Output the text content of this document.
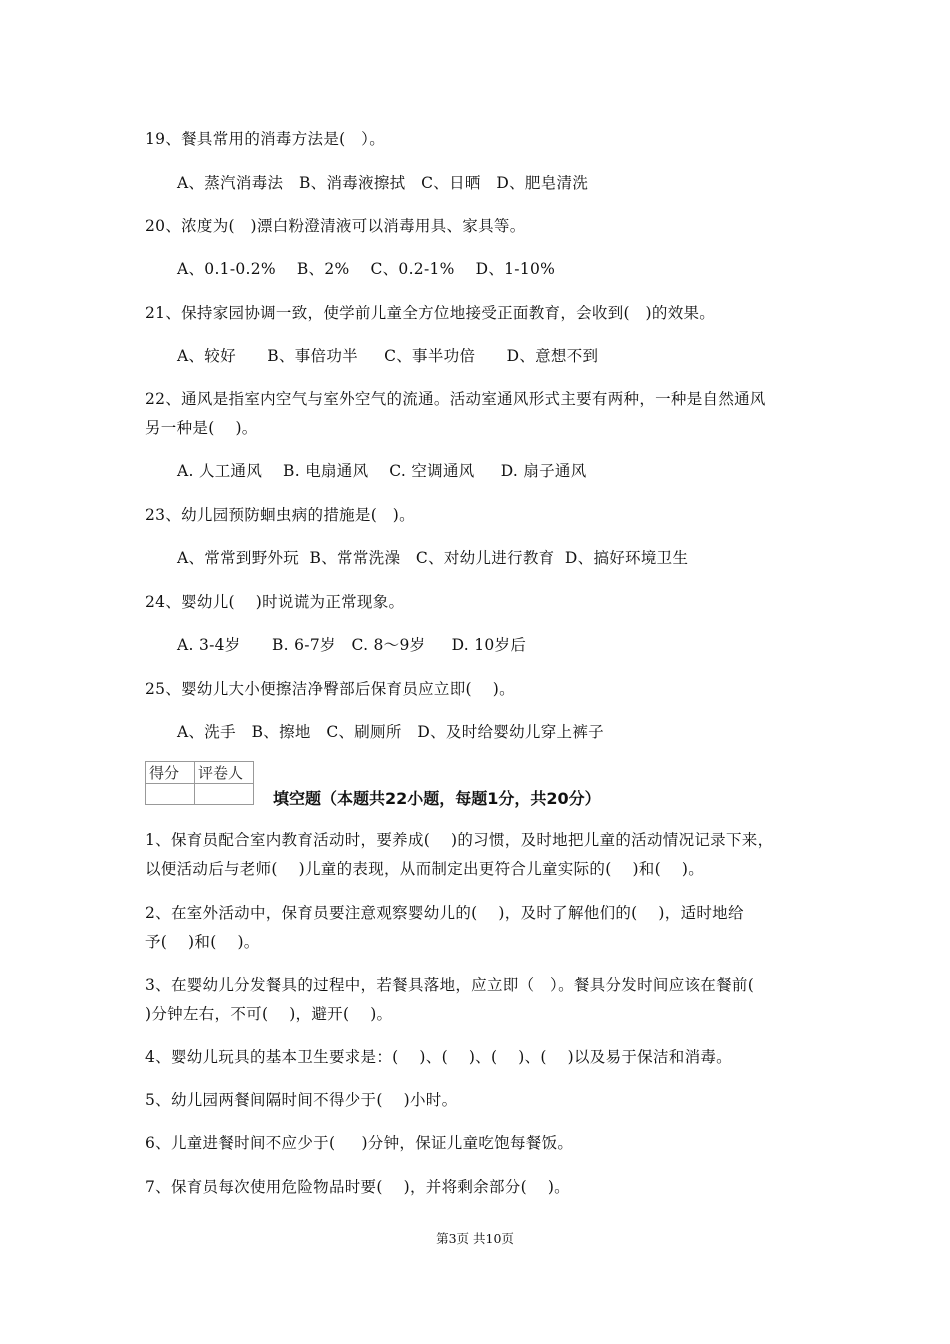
19、餐具常用的消毒方法是(   ）。
A、蒸汽消毒法   B、消毒液擦拭   C、日晒   D、肥皂清洗
20、浓度为(   )漂白粉澄清液可以消毒用具、家具等。
A、0.1-0.2%    B、2%    C、0.2-1%    D、1-10%
21、保持家园协调一致，使学前儿童全方位地接受正面教育，会收到(   )的效果。
A、较好      B、事倍功半     C、事半功倍      D、意想不到
22、通风是指室内空气与室外空气的流通。活动室通风形式主要有两种，一种是自然通风
另一种是(    )。
A. 人工通风    B. 电扇通风    C. 空调通风     D. 扇子通风
23、幼儿园预防蛔虫病的措施是(   )。
A、常常到野外玩  B、常常洗澡   C、对幼儿进行教育  D、搞好环境卫生
24、婴幼儿(    )时说谎为正常现象。
A. 3-4岁      B. 6-7岁   C. 8～9岁     D. 10岁后
25、婴幼儿大小便擦洁净臀部后保育员应立即(    )。
A、洗手   B、擦地   C、刷厕所   D、及时给婴幼儿穿上裤子
得分	评卷人

填空题（本题共22小题，每题1分，共20分）
1、保育员配合室内教育活动时，要养成(    )的习惯，及时地把儿童的活动情况记录下来，
以便活动后与老师(    )儿童的表现，从而制定出更符合儿童实际的(    )和(    )。
2、在室外活动中，保育员要注意观察婴幼儿的(    )，及时了解他们的(    )，适时地给
予(    )和(    )。
3、在婴幼儿分发餐具的过程中，若餐具落地，应立即（   ）。餐具分发时间应该在餐前(
)分钟左右，不可(    )，避开(    )。
4、婴幼儿玩具的基本卫生要求是：(    )、(    )、(    )、(    )以及易于保洁和消毒。
5、幼儿园两餐间隔时间不得少于(    )小时。
6、儿童进餐时间不应少于(     )分钟，保证儿童吃饱每餐饭。
7、保育员每次使用危险物品时要(    )，并将剩余部分(    )。
第3页 共10页
